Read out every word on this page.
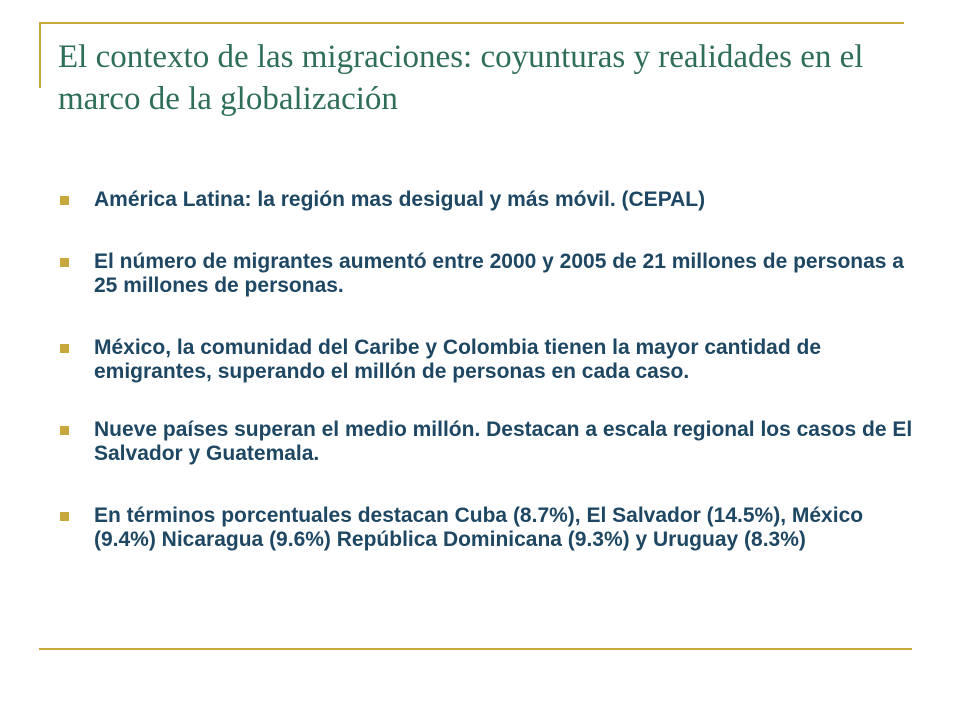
El contexto de las migraciones: coyunturas y realidades en el marco de la globalización
América Latina: la región mas desigual y más móvil. (CEPAL)
El número de migrantes aumentó entre 2000 y 2005 de 21 millones de personas a 25 millones de personas.
México, la comunidad del Caribe y Colombia tienen la mayor cantidad de emigrantes, superando el millón de personas en cada caso.
Nueve países superan el medio millón. Destacan a escala regional los casos de El Salvador y Guatemala.
En términos porcentuales destacan Cuba (8.7%), El Salvador (14.5%), México (9.4%) Nicaragua (9.6%) República Dominicana (9.3%) y Uruguay (8.3%)
